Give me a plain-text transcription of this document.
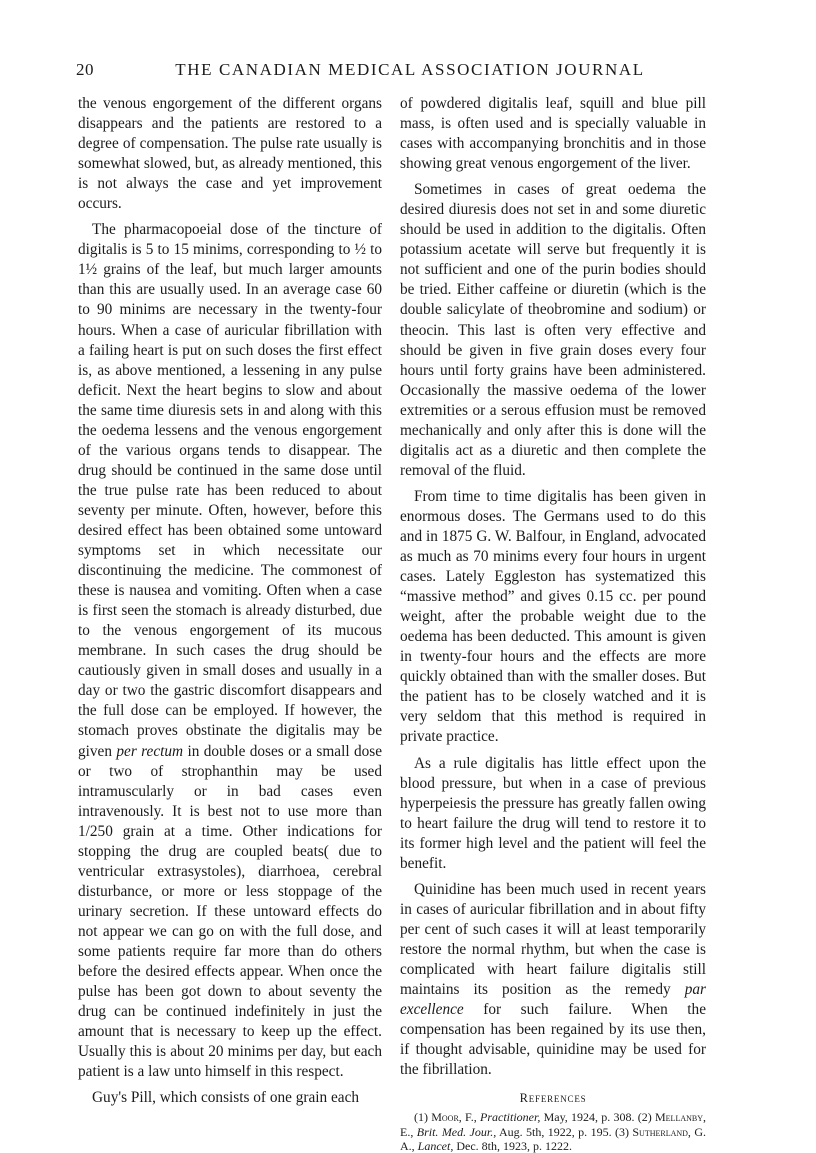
20	THE CANADIAN MEDICAL ASSOCIATION JOURNAL

the venous engorgement of the different organs disappears and the patients are restored to a degree of compensation. The pulse rate usually is somewhat slowed, but, as already mentioned, this is not always the case and yet improvement occurs.

The pharmacopoeial dose of the tincture of digitalis is 5 to 15 minims, corresponding to ½ to 1½ grains of the leaf, but much larger amounts than this are usually used. In an average case 60 to 90 minims are necessary in the twenty-four hours. When a case of auricular fibrillation with a failing heart is put on such doses the first effect is, as above mentioned, a lessening in any pulse deficit. Next the heart begins to slow and about the same time diuresis sets in and along with this the oedema lessens and the venous engorgement of the various organs tends to disappear. The drug should be continued in the same dose until the true pulse rate has been reduced to about seventy per minute. Often, however, before this desired effect has been obtained some untoward symptoms set in which necessitate our discontinuing the medicine. The commonest of these is nausea and vomiting. Often when a case is first seen the stomach is already disturbed, due to the venous engorgement of its mucous membrane. In such cases the drug should be cautiously given in small doses and usually in a day or two the gastric discomfort disappears and the full dose can be employed. If however, the stomach proves obstinate the digitalis may be given per rectum in double doses or a small dose or two of strophanthin may be used intramuscularly or in bad cases even intravenously. It is best not to use more than 1/250 grain at a time. Other indications for stopping the drug are coupled beats( due to ventricular extrasystoles), diarrhoea, cerebral disturbance, or more or less stoppage of the urinary secretion. If these untoward effects do not appear we can go on with the full dose, and some patients require far more than do others before the desired effects appear. When once the pulse has been got down to about seventy the drug can be continued indefinitely in just the amount that is necessary to keep up the effect. Usually this is about 20 minims per day, but each patient is a law unto himself in this respect.

Guy's Pill, which consists of one grain each

of powdered digitalis leaf, squill and blue pill mass, is often used and is specially valuable in cases with accompanying bronchitis and in those showing great venous engorgement of the liver.

Sometimes in cases of great oedema the desired diuresis does not set in and some diuretic should be used in addition to the digitalis. Often potassium acetate will serve but frequently it is not sufficient and one of the purin bodies should be tried. Either caffeine or diuretin (which is the double salicylate of theobromine and sodium) or theocin. This last is often very effective and should be given in five grain doses every four hours until forty grains have been administered. Occasionally the massive oedema of the lower extremities or a serous effusion must be removed mechanically and only after this is done will the digitalis act as a diuretic and then complete the removal of the fluid.

From time to time digitalis has been given in enormous doses. The Germans used to do this and in 1875 G. W. Balfour, in England, advocated as much as 70 minims every four hours in urgent cases. Lately Eggleston has systematized this “massive method” and gives 0.15 cc. per pound weight, after the probable weight due to the oedema has been deducted. This amount is given in twenty-four hours and the effects are more quickly obtained than with the smaller doses. But the patient has to be closely watched and it is very seldom that this method is required in private practice.

As a rule digitalis has little effect upon the blood pressure, but when in a case of previous hyperpeiesis the pressure has greatly fallen owing to heart failure the drug will tend to restore it to its former high level and the patient will feel the benefit.

Quinidine has been much used in recent years in cases of auricular fibrillation and in about fifty per cent of such cases it will at least temporarily restore the normal rhythm, but when the case is complicated with heart failure digitalis still maintains its position as the remedy par excellence for such failure. When the compensation has been regained by its use then, if thought advisable, quinidine may be used for the fibrillation.

References

(1) Moor, F., Practitioner, May, 1924, p. 308. (2) Mellanby, E., Brit. Med. Jour., Aug. 5th, 1922, p. 195. (3) Sutherland, G. A., Lancet, Dec. 8th, 1923, p. 1222.
